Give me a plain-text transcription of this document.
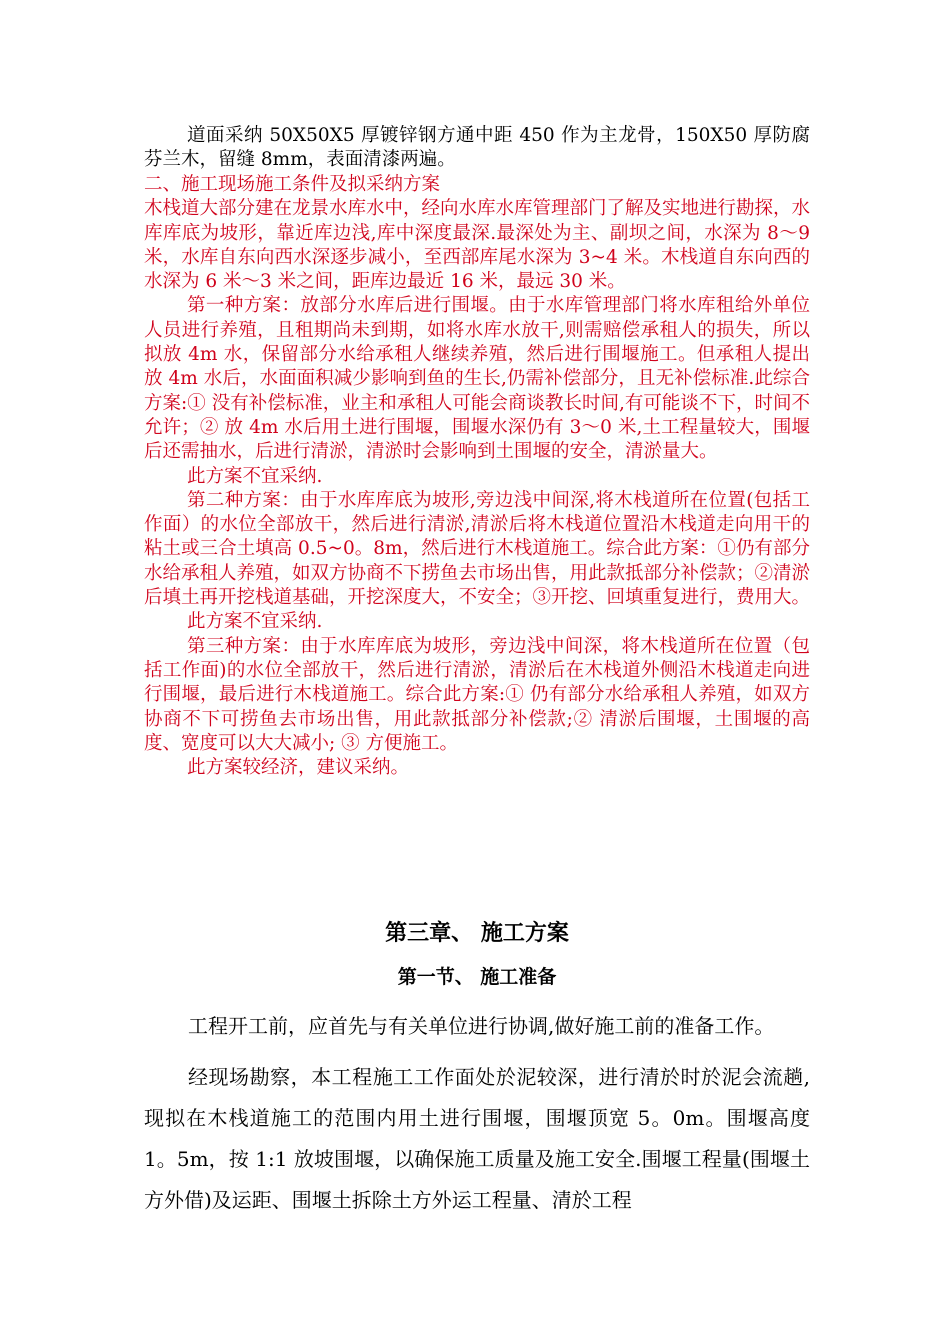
道面采纳 50X50X5 厚镀锌钢方通中距 450 作为主龙骨，150X50 厚防腐芬兰木，留缝 8mm，表面清漆两遍。

二、施工现场施工条件及拟采纳方案

木栈道大部分建在龙景水库水中，经向水库水库管理部门了解及实地进行勘探，水库库底为坡形，靠近库边浅,库中深度最深.最深处为主、副坝之间，水深为 8～9 米，水库自东向西水深逐步减小，至西部库尾水深为 3~4 米。木栈道自东向西的水深为 6 米～3 米之间，距库边最近 16 米，最远 30 米。

第一种方案：放部分水库后进行围堰。由于水库管理部门将水库租给外单位人员进行养殖，且租期尚未到期，如将水库水放干,则需赔偿承租人的损失，所以拟放 4m 水，保留部分水给承租人继续养殖，然后进行围堰施工。但承租人提出放 4m 水后，水面面积减少影响到鱼的生长,仍需补偿部分，且无补偿标准.此综合方案:① 没有补偿标准，业主和承租人可能会商谈教长时间,有可能谈不下，时间不允许；② 放 4m 水后用土进行围堰，围堰水深仍有 3～0 米,土工程量较大，围堰后还需抽水，后进行清淤，清淤时会影响到土围堰的安全，清淤量大。

此方案不宜采纳.

第二种方案：由于水库库底为坡形,旁边浅中间深,将木栈道所在位置(包括工作面）的水位全部放干，然后进行清淤,清淤后将木栈道位置沿木栈道走向用干的粘土或三合土填高 0.5~0。8m，然后进行木栈道施工。综合此方案：①仍有部分水给承租人养殖，如双方协商不下捞鱼去市场出售，用此款抵部分补偿款；②清淤后填土再开挖栈道基础，开挖深度大，不安全；③开挖、回填重复进行，费用大。

此方案不宜采纳.

第三种方案：由于水库库底为坡形，旁边浅中间深，将木栈道所在位置（包括工作面)的水位全部放干，然后进行清淤，清淤后在木栈道外侧沿木栈道走向进行围堰，最后进行木栈道施工。综合此方案:① 仍有部分水给承租人养殖，如双方协商不下可捞鱼去市场出售，用此款抵部分补偿款;② 清淤后围堰，土围堰的高度、宽度可以大大减小; ③ 方便施工。

此方案较经济，建议采纳。

第三章、 施工方案
第一节、 施工准备

工程开工前，应首先与有关单位进行协调,做好施工前的准备工作。

经现场勘察，本工程施工工作面处於泥较深，进行清於时於泥会流趟,现拟在木栈道施工的范围内用土进行围堰，围堰顶宽 5。0m。围堰高度 1。5m，按 1:1 放坡围堰，以确保施工质量及施工安全.围堰工程量(围堰土方外借)及运距、围堰土拆除土方外运工程量、清於工程
